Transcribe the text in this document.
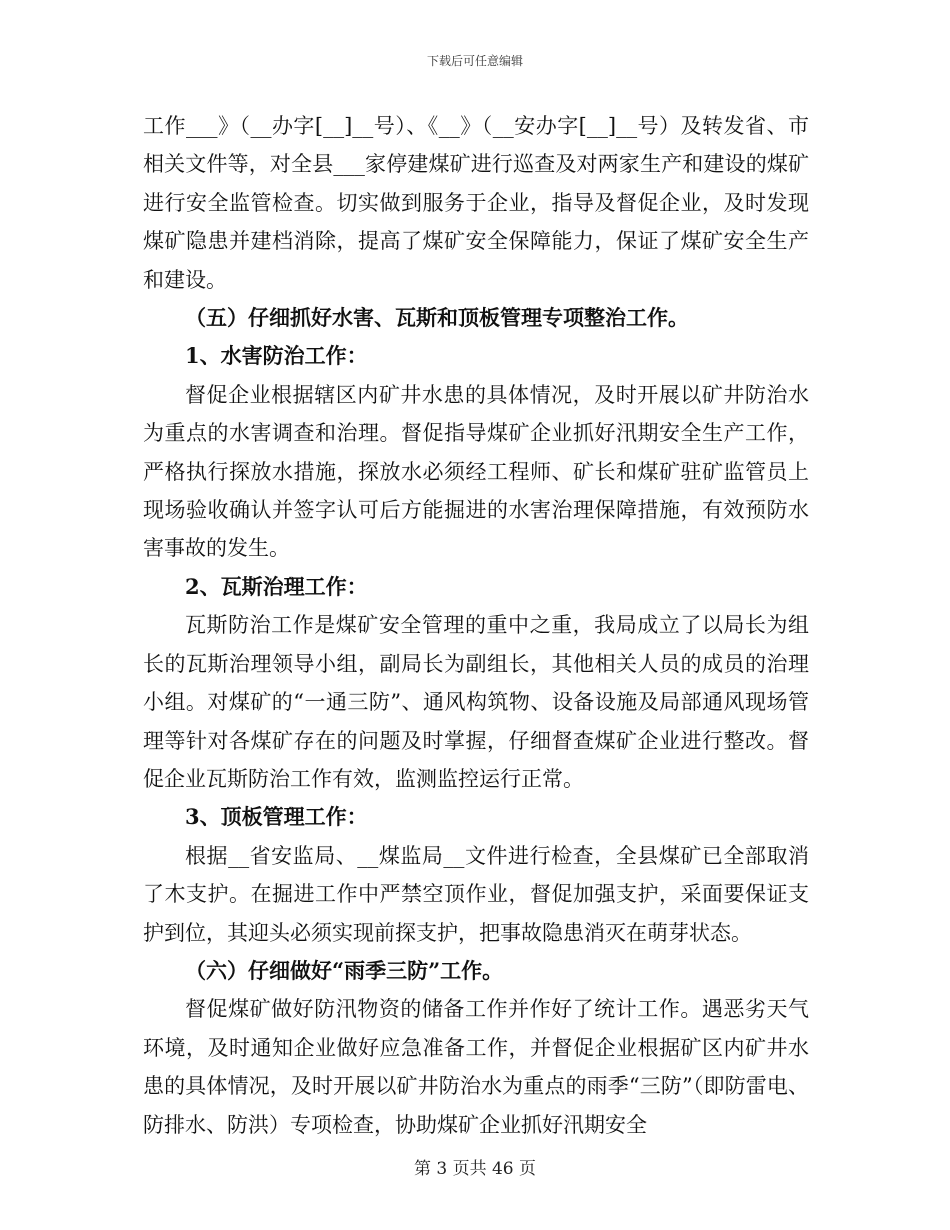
下载后可任意编辑

工作___》（__办字[__]__号）、《__》（__安办字[__]__号）及转发省、市相关文件等，对全县___家停建煤矿进行巡查及对两家生产和建设的煤矿进行安全监管检查。切实做到服务于企业，指导及督促企业，及时发现煤矿隐患并建档消除，提高了煤矿安全保障能力，保证了煤矿安全生产和建设。

（五）仔细抓好水害、瓦斯和顶板管理专项整治工作。

1、水害防治工作：

督促企业根据辖区内矿井水患的具体情况，及时开展以矿井防治水为重点的水害调查和治理。督促指导煤矿企业抓好汛期安全生产工作，严格执行探放水措施，探放水必须经工程师、矿长和煤矿驻矿监管员上现场验收确认并签字认可后方能掘进的水害治理保障措施，有效预防水害事故的发生。

2、瓦斯治理工作：

瓦斯防治工作是煤矿安全管理的重中之重，我局成立了以局长为组长的瓦斯治理领导小组，副局长为副组长，其他相关人员的成员的治理小组。对煤矿的“一通三防”、通风构筑物、设备设施及局部通风现场管理等针对各煤矿存在的问题及时掌握，仔细督查煤矿企业进行整改。督促企业瓦斯防治工作有效，监测监控运行正常。

3、顶板管理工作：

根据__省安监局、__煤监局__文件进行检查，全县煤矿已全部取消了木支护。在掘进工作中严禁空顶作业，督促加强支护，采面要保证支护到位，其迎头必须实现前探支护，把事故隐患消灭在萌芽状态。

（六）仔细做好“雨季三防”工作。

督促煤矿做好防汛物资的储备工作并作好了统计工作。遇恶劣天气环境，及时通知企业做好应急准备工作，并督促企业根据矿区内矿井水患的具体情况，及时开展以矿井防治水为重点的雨季“三防”（即防雷电、防排水、防洪）专项检查，协助煤矿企业抓好汛期安全

第 3 页共 46 页
